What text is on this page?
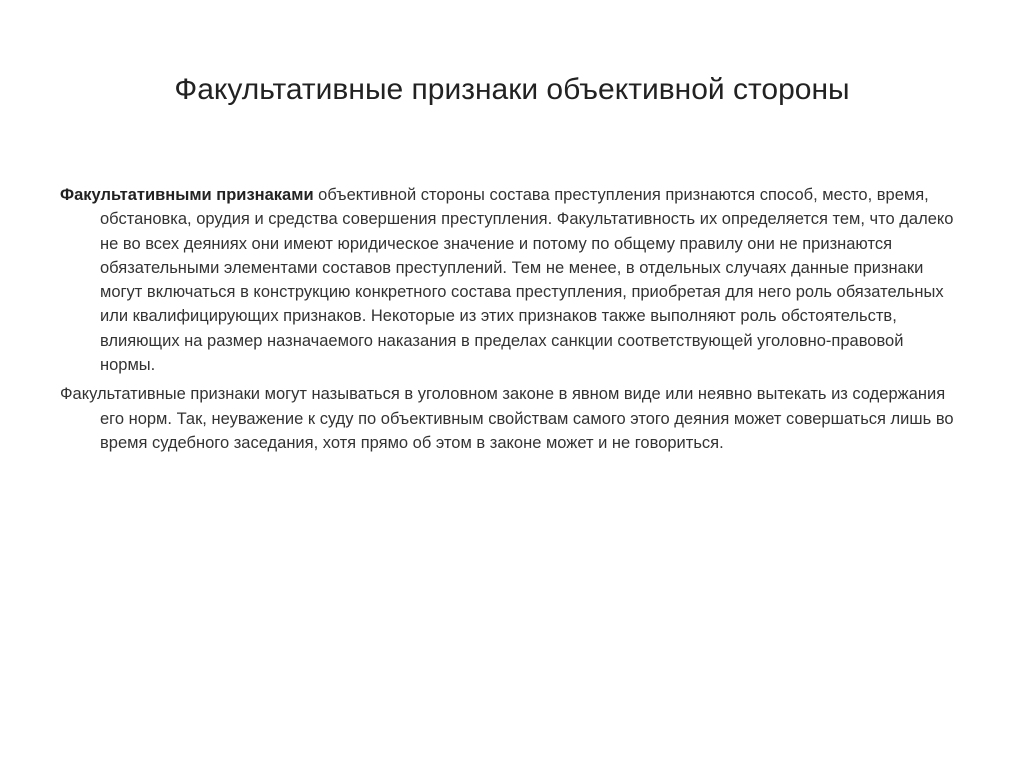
Факультативные признаки объективной стороны

Факультативными признаками объективной стороны состава преступления признаются способ, место, время, обстановка, орудия и средства совершения преступления. Факультативность их определяется тем, что далеко не во всех деяниях они имеют юридическое значение и потому по общему правилу они не признаются обязательными элементами составов преступлений. Тем не менее, в отдельных случаях данные признаки могут включаться в конструкцию конкретного состава преступления, приобретая для него роль обязательных или квалифицирующих признаков. Некоторые из этих признаков также выполняют роль обстоятельств, влияющих на размер назначаемого наказания в пределах санкции соответствующей уголовно-правовой нормы.

Факультативные признаки могут называться в уголовном законе в явном виде или неявно вытекать из содержания его норм. Так, неуважение к суду по объективным свойствам самого этого деяния может совершаться лишь во время судебного заседания, хотя прямо об этом в законе может и не говориться.
